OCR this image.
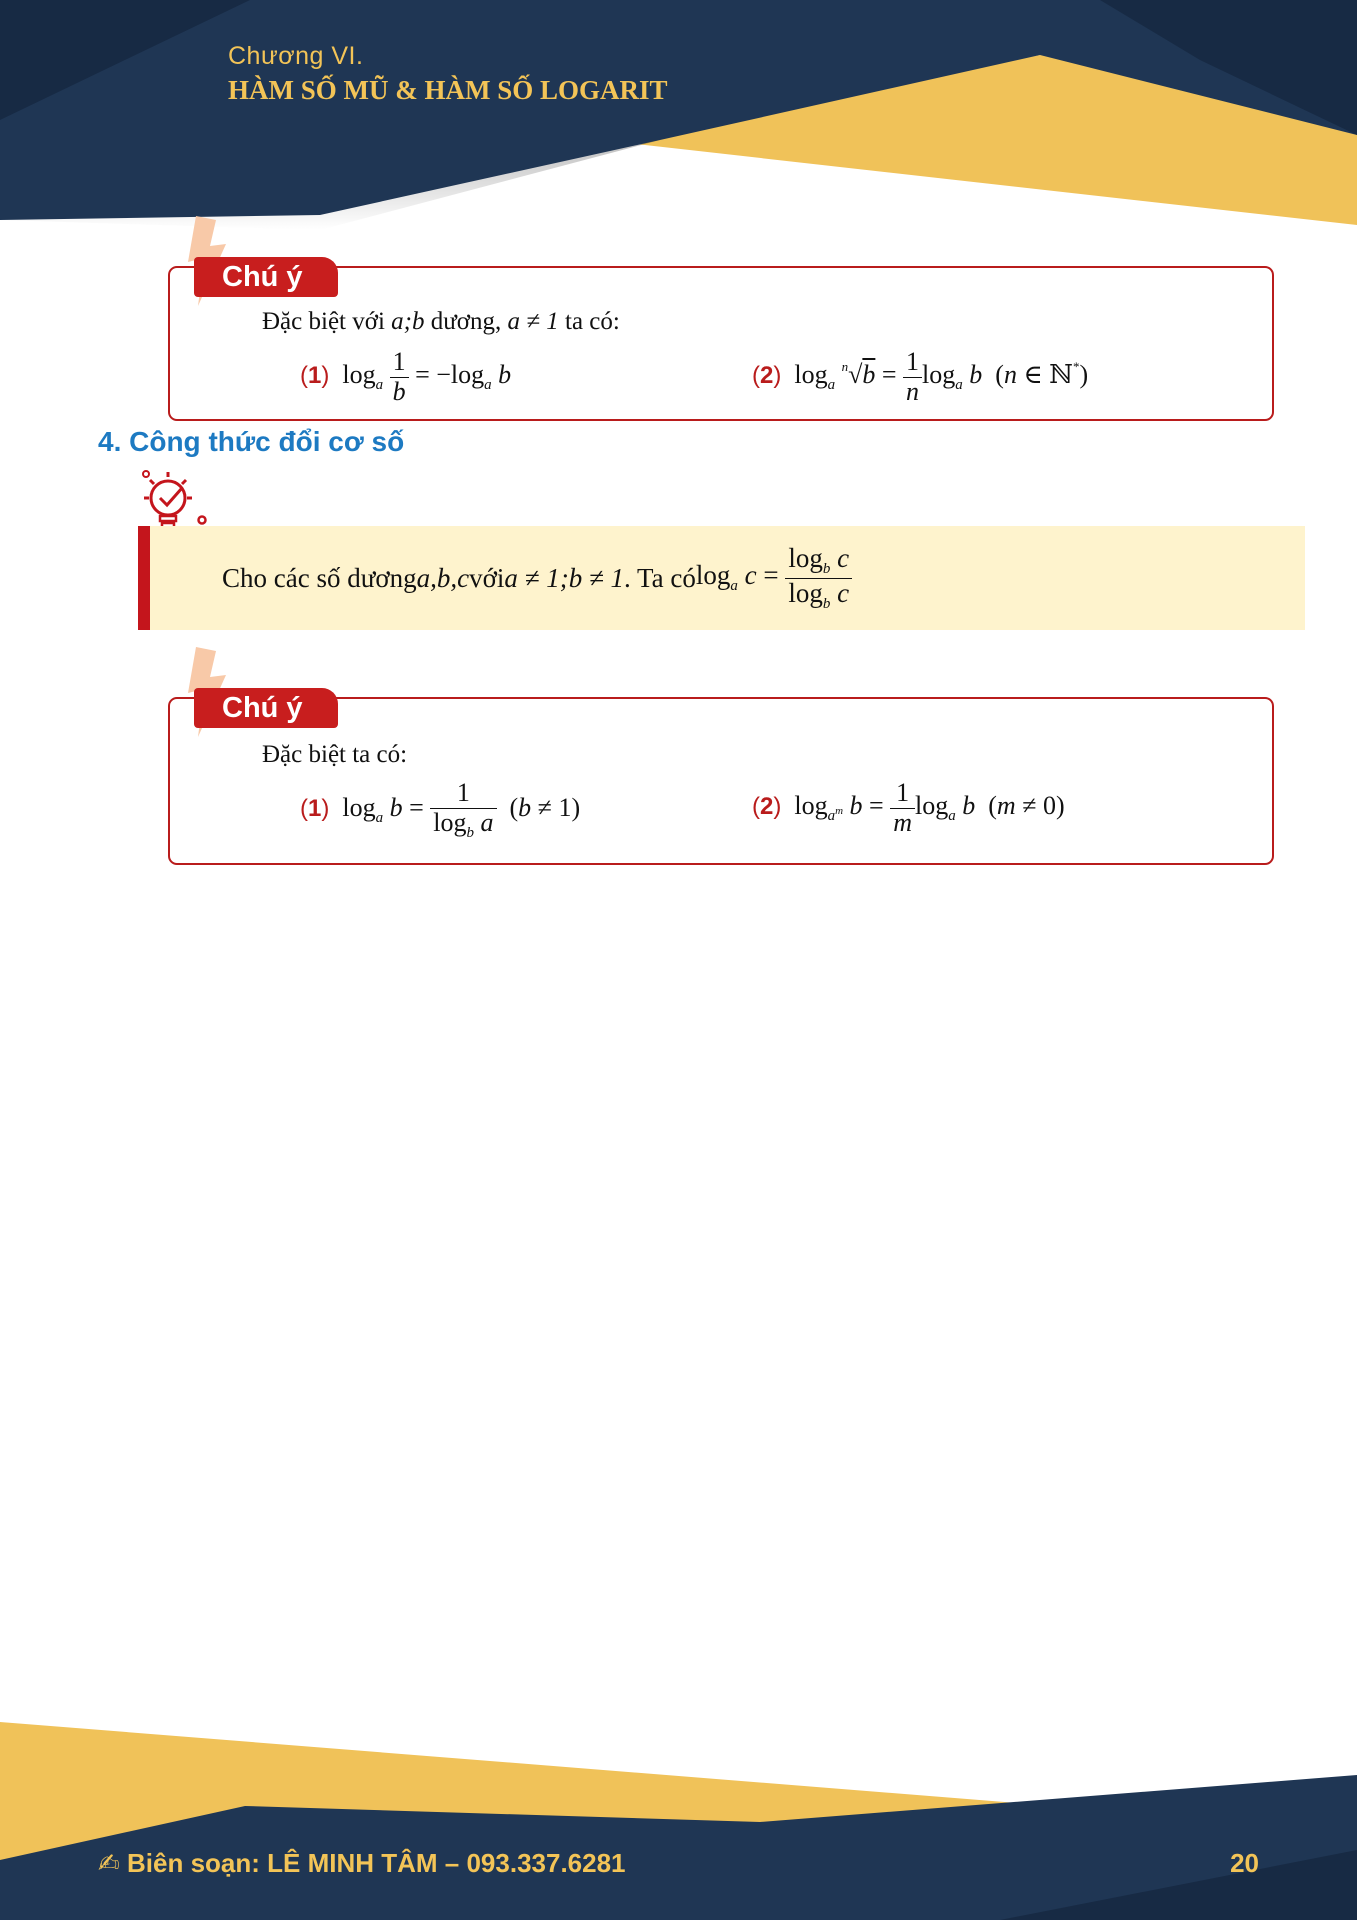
Chương VI.
HÀM SỐ MŨ & HÀM SỐ LOGARIT
Chú ý
Đặc biệt với a;b dương, a ≠ 1 ta có:
(1)  $\log_a \frac{1}{b} = -\log_a$ b	(2)  $\log_a ^n√b = \frac{1}{n} \log_a b$  (n ∈ ℕ*)
4. Công thức đổi cơ số
Cho các số dương a,b,c với a ≠ 1;b ≠ 1 . Ta có $\log_a c = \frac{\log_b c}{\log_b c}$
Chú ý
Đặc biệt ta có:
(1)  $\log_a b = \frac{1}{\log_b a} (b \ne 1)$	(2)  $\log_{a^m} b = \frac{1}{m} \log_a b$  (m ≠ 0)
✍ Biên soạn: LÊ MINH TÂM – 093.337.6281	20
